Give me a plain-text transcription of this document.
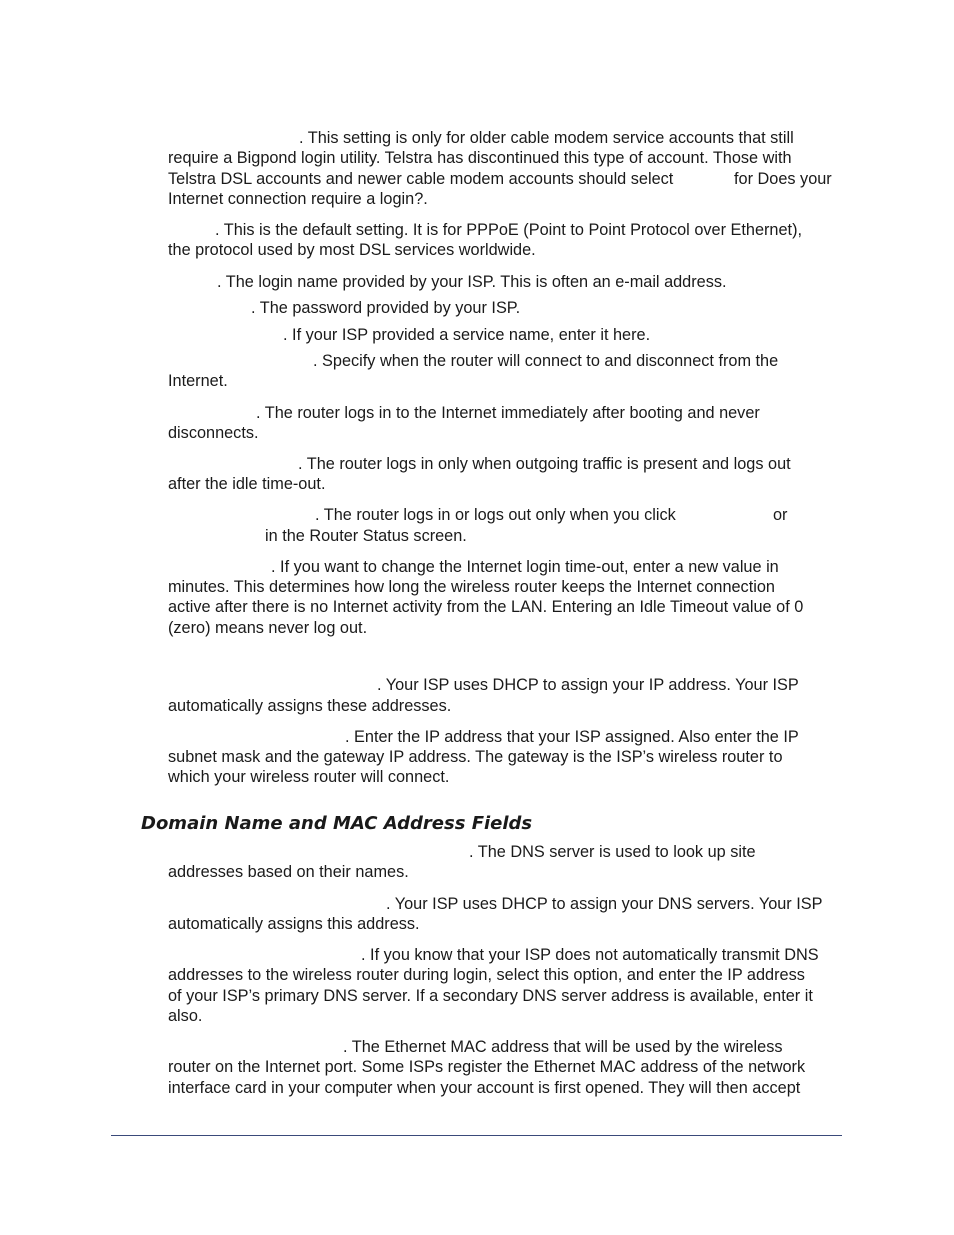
. This setting is only for older cable modem service accounts that still

require a Bigpond login utility. Telstra has discontinued this type of account. Those with

Telstra DSL accounts and newer cable modem accounts should select	for Does your

Internet connection require a login?.

. This is the default setting. It is for PPPoE (Point to Point Protocol over Ethernet),

the protocol used by most DSL services worldwide.

. The login name provided by your ISP. This is often an e-mail address.

. The password provided by your ISP.

. If your ISP provided a service name, enter it here.

. Specify when the router will connect to and disconnect from the

Internet.

. The router logs in to the Internet immediately after booting and never

disconnects.

. The router logs in only when outgoing traffic is present and logs out

after the idle time-out.

. The router logs in or logs out only when you click	or

in the Router Status screen.

. If you want to change the Internet login time-out, enter a new value in

minutes. This determines how long the wireless router keeps the Internet connection

active after there is no Internet activity from the LAN. Entering an Idle Timeout value of 0

(zero) means never log out.

. Your ISP uses DHCP to assign your IP address. Your ISP

automatically assigns these addresses.

. Enter the IP address that your ISP assigned. Also enter the IP

subnet mask and the gateway IP address. The gateway is the ISP’s wireless router to

which your wireless router will connect.

Domain Name and MAC Address Fields

. The DNS server is used to look up site

addresses based on their names.

. Your ISP uses DHCP to assign your DNS servers. Your ISP

automatically assigns this address.

. If you know that your ISP does not automatically transmit DNS

addresses to the wireless router during login, select this option, and enter the IP address

of your ISP’s primary DNS server. If a secondary DNS server address is available, enter it

also.

. The Ethernet MAC address that will be used by the wireless

router on the Internet port. Some ISPs register the Ethernet MAC address of the network

interface card in your computer when your account is first opened. They will then accept
